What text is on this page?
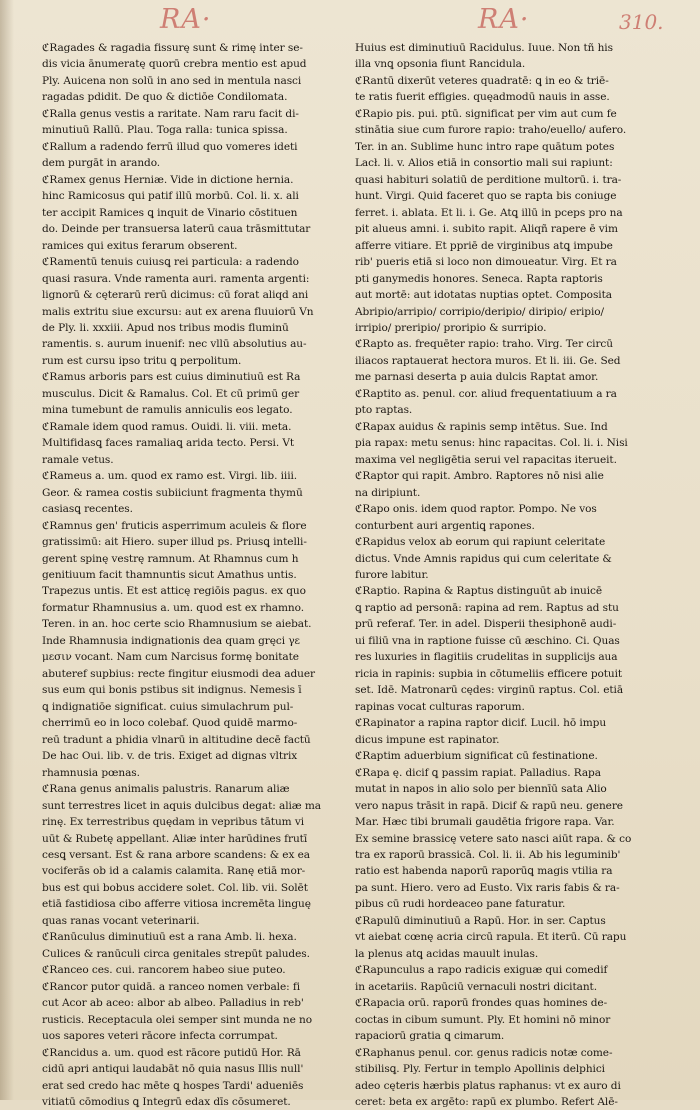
RA·	RA·	310.
ℭRagades & ragadia fissurę sunt & rimę inter se-
dis vicia ānumeratę quorū crebra mentio est apud
Ply. Auicena non solū in ano sed in mentula nasci
ragadas pdidit. De quo & dictiōe Condilomata.
ℭRalla genus vestis a raritate. Nam raru facit di-
minutiuū Rallū. Plau. Toga ralla: tunica spissa.
ℭRallum a radendo ferrū illud quo vomeres ideti
dem purgāt in arando.
ℭRamex genus Herniæ. Vide in dictione hernia.
hinc Ramicosus qui patif illū morbū. Col. li. x. ali
ter accipit Ramices ꝗ inquit de Vinario cōstituen
do. Deinde per transuersa laterū caua trāsmittutar
ramices qui exitus ferarum obserent.
ℭRamentū tenuis cuiusꝗ rei particula: a radendo
quasi rasura. Vnde ramenta auri. ramenta argenti:
lignorū & cęterarū rerū dicimus: cū forat aliqd ani
malis extritu siue excursu: aut ex arena fluuiorū Vn
de Ply. li. xxxiii. Apud nos tribus modis fluminū
ramentis. s. aurum inuenif: nec vllū absolutius au-
rum est cursu ipso tritu ꝗ perpolitum.
ℭRamus arboris pars est cuius diminutiuū est Ra
musculus. Dicit & Ramalus. Col. Et cū primū ger
mina tumebunt de ramulis anniculis eos legato.
ℭRamale idem quod ramus. Ouidi. li. viii. meta.
Multifidasꝗ faces ramaliaꝗ arida tecto. Persi. Vt
ramale vetus.
ℭRameus a. um. quod ex ramo est. Virgi. lib. iiii.
Geor. & ramea costis subiiciunt fragmenta thymū
casiasꝗ recentes.
ℭRamnus gen' fruticis asperrimum aculeis & flore
gratissimū: ait Hiero. super illud ps. Priusꝗ intelli-
gerent spinę vestrę ramnum. At Rhamnus cum h
genitiuum facit thamnuntis sicut Amathus untis.
Trapezus untis. Et est atticę regiōis pagus. ex quo
formatur Rhamnusius a. um. quod est ex rhamno.
Teren. in an. hoc certe scio Rhamnusium se aiebat.
Inde Rhamnusia indignationis dea quam gręci γε
μεσιν vocant. Nam cum Narcisus formę bonitate
abuteref supbius: recte fingitur eiusmodi dea aduer
sus eum qui bonis pstibus sit indignus. Nemesis ī
ꝗ indignatiōe significat. cuius simulachrum pul-
cherrimū eo in loco colebaf. Quod quidē marmo-
reū tradunt a phidia vlnarū in altitudine decē factū
De hac Oui. lib. v. de tris. Exiget ad dignas vltrix
rhamnusia pœnas.
ℭRana genus animalis palustris. Ranarum aliæ
sunt terrestres licet in aquis dulcibus degat: aliæ ma
rinę. Ex terrestribus quędam in vepribus tātum vi
uūt & Rubetę appellant. Aliæ inter harūdines frutī
cesꝗ versant. Est & rana arbore scandens: & ex ea
vociferās ob id a calamis calamita. Ranę etiā mor-
bus est qui bobus accidere solet. Col. lib. vii. Solēt
etiā fastidiosa cibo afferre vitiosa incremēta linguę
quas ranas vocant veterinarii.
ℭRanūculus diminutiuū est a rana Amb. li. hexa.
Culices & ranūculi circa genitales strepūt paludes.
ℭRanceo ces. cui. rancorem habeo siue puteo.
ℭRancor putor quidā. a ranceo nomen verbale: fi
cut Acor ab aceo: albor ab albeo. Palladius in reb'
rusticis. Receptacula olei semper sint munda ne no
uos sapores veteri rācore infecta corrumpat.
ℭRancidus a. um. quod est rācore putidū Hor. Rā
cidū apri antiqui laudabāt nō quia nasus Illis null'
erat sed credo hac mēte ꝗ hospes Tardi' adueniēs
vitiatū cōmodius ꝗ Integrū edax dīs cōsumeret.
Huius est diminutiuū Racidulus. Iuue. Non tñ his
illa vnꝗ opsonia fiunt Rancidula.
ℭRantū dixerūt veteres quadratē: ꝗ in eo & triē-
te ratis fuerit effigies. quęadmodū nauis in asse.
ℭRapio pis. pui. ptū. significat per vim aut cum fe
stinātia siue cum furore rapio: traho/euello/ aufero.
Ter. in an. Sublime hunc intro rape quātum potes
Lacł. li. v. Alios etiā in consortio mali sui rapiunt:
quasi habituri solatiū de perditione multorū. i. tra-
hunt. Virgi. Quid faceret quo se rapta bis coniuge
ferret. i. ablata. Et li. i. Ge. Atꝗ illū in pceps pro na
pit alueus amni. i. subito rapit. Aliqñ rapere ē vim
afferre vitiare. Et ppriē de virginibus atꝗ impube
rib' pueris etiā si loco non dimoueatur. Virg. Et ra
pti ganymedis honores. Seneca. Rapta raptoris
aut mortē: aut idotatas nuptias optet. Composita
Abripio/arripio/ corripio/deripio/ diripio/ eripio/
irripio/ preripio/ proripio & surripio.
ℭRapto as. frequēter rapio: traho. Virg. Ter circū
iliacos raptauerat hectora muros. Et li. iii. Ge. Sed
me parnasi deserta p auia dulcis Raptat amor.
ℭRaptito as. penul. cor. aliud frequentatiuum a ra
pto raptas.
ℭRapax auidus & rapinis semp intētus. Sue. Ind
pia rapax: metu senus: hinc rapacitas. Col. li. i. Nisi
maxima vel negligētia serui vel rapacitas iterueit.
ℭRaptor qui rapit. Ambro. Raptores nō nisi alie
na diripiunt.
ℭRapo onis. idem quod raptor. Pompo. Ne vos
conturbent auri argentiꝗ rapones.
ℭRapidus velox ab eorum qui rapiunt celeritate
dictus. Vnde Amnis rapidus qui cum celeritate &
furore labitur.
ℭRaptio. Rapina & Raptus distinguūt ab inuicē
ꝗ raptio ad personā: rapina ad rem. Raptus ad stu
prū referaf. Ter. in adel. Disperii thesiphonē audi-
ui filiū vna in raptione fuisse cū æschino. Ci. Quas
res luxuries in flagitiis crudelitas in supplicijs aua
ricia in rapinis: supbia in cōtumeliis efficere potuit
set. Idē. Matronarū cędes: virginū raptus. Col. etiā
rapinas vocat culturas raporum.
ℭRapinator a rapina raptor dicif. Lucil. hō impu
dicus impune est rapinator.
ℭRaptim aduerbium significat cū festinatione.
ℭRapa ę. dicif ꝗ passim rapiat. Palladius. Rapa
mutat in napos in alio solo per biennīū sata Alio
vero napus trāsit in rapā. Dicif & rapū neu. genere
Mar. Hæc tibi brumali gaudētia frigore rapa. Var.
Ex semine brassicę vetere sato nasci aiūt rapa. & co
tra ex raporū brassicā. Col. li. ii. Ab his leguminib'
ratio est habenda naporū raporūꝗ magis vtilia ra
pa sunt. Hiero. vero ad Eusto. Vix raris fabis & ra-
pibus cū rudi hordeaceo pane faturatur.
ℭRapulū diminutiuū a Rapū. Hor. in ser. Captus
vt aiebat cœnę acria circū rapula. Et iterū. Cū rapu
la plenus atꝗ acidas mauult inulas.
ℭRapunculus a rapo radicis exiguæ qui comedif
in acetariis. Rapūciū vernaculi nostri dicitant.
ℭRapacia orū. raporū frondes quas homines de-
coctas in cibum sumunt. Ply. Et homini nō minor
rapaciorū gratia ꝗ cimarum.
ℭRaphanus penul. cor. genus radicis notæ come-
stibilisꝗ. Ply. Fertur in templo Apollinis delphici
adeo cęteris hærbis platus raphanus: vt ex auro di
ceret: beta ex argēto: rapū ex plumbo. Refert Alē-
